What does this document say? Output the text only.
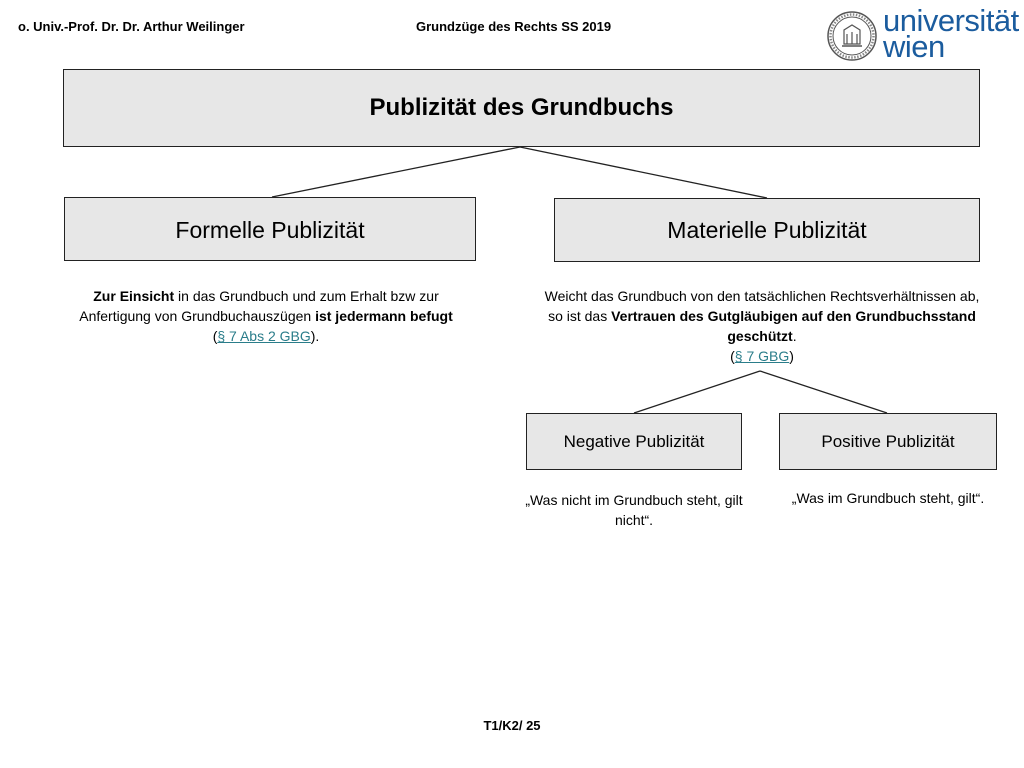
o. Univ.-Prof. Dr. Dr. Arthur Weilinger	Grundzüge des Rechts SS 2019	universität
wien
Publizität des Grundbuchs
Formelle Publizität	Materielle Publizität
Negative Publizität	Positive Publizität
Zur Einsicht in das Grundbuch und zum Erhalt bzw zur Anfertigung von Grundbuchauszügen ist jedermann befugt
(§ 7 Abs 2 GBG).
Weicht das Grundbuch von den tatsächlichen Rechtsverhältnissen ab, so ist das Vertrauen des Gutgläubigen auf den Grundbuchsstand geschützt.
(§ 7 GBG)
„Was nicht im Grundbuch steht, gilt nicht“.
„Was im Grundbuch steht, gilt“.
T1/K2/ 25
